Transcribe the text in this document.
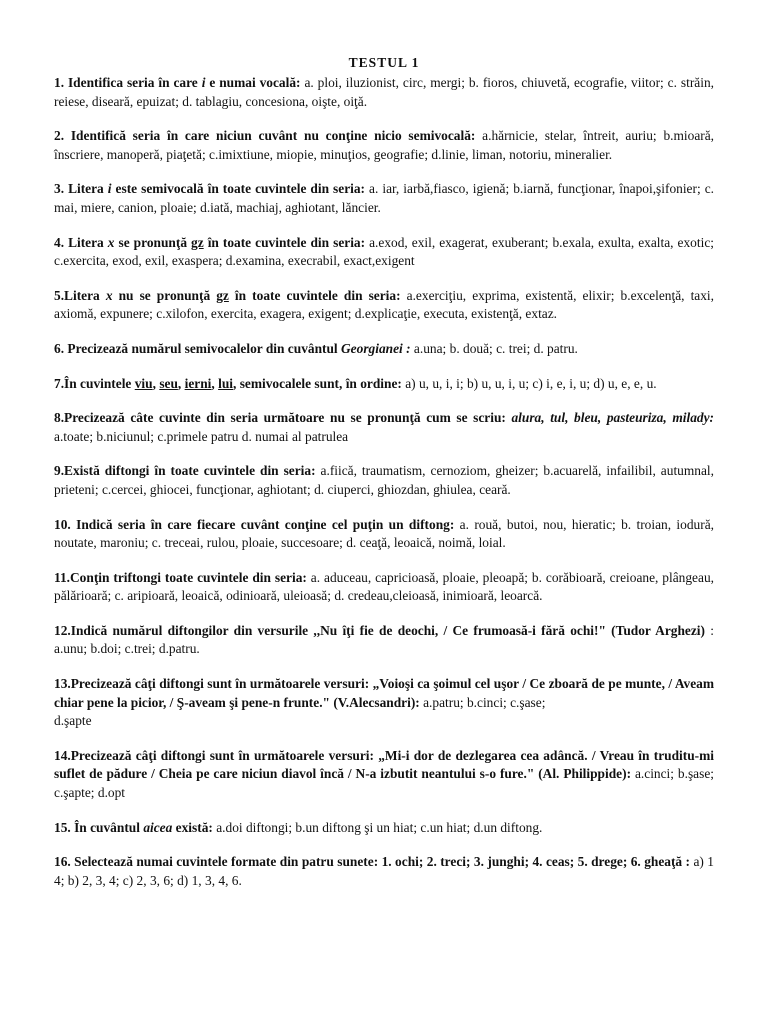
TESTUL 1

1. Identifica seria în care i e numai vocală: a. ploi, iluzionist, circ, mergi; b. fioros, chiuvetă, ecografie, viitor; c. străin, reiese, diseară, epuizat; d. tablagiu, concesiona, oişte, oiţă.

2. Identifică seria în care niciun cuvânt nu conţine nicio semivocală: a.hărnicie, stelar, întreit, auriu; b.mioară, înscriere, manoperă, piaţetă; c.imixtiune, miopie, minuţios, geografie; d.linie, liman, notoriu, mineralier.

3. Litera i este semivocală în toate cuvintele din seria: a. iar, iarbă,fiasco, igienă; b.iarnă, funcţionar, înapoi,şifonier; c. mai, miere, canion, ploaie; d.iată, machiaj, aghiotant, lăncier.

4. Litera x se pronunţă gz în toate cuvintele din seria: a.exod, exil, exagerat, exuberant; b.exala, exulta, exalta, exotic; c.exercita, exod, exil, exaspera; d.examina, execrabil, exact,exigent

5.Litera x nu se pronunţă gz în toate cuvintele din seria: a.exerciţiu, exprima, existentă, elixir; b.excelenţă, taxi, axiomă, expunere; c.xilofon, exercita, exagera, exigent; d.explicaţie, executa, existenţă, extaz.

6. Precizează numărul semivocalelor din cuvântul Georgianei : a.una; b. două; c. trei; d. patru.

7.În cuvintele viu, seu, ierni, lui, semivocalele sunt, în ordine: a) u, u, i, i; b) u, u, i, u; c) i, e, i, u; d) u, e, e, u.

8.Precizează câte cuvinte din seria următoare nu se pronunţă cum se scriu: alura, tul, bleu, pasteuriza, milady: a.toate; b.niciunul; c.primele patru d. numai al patrulea

9.Există diftongi în toate cuvintele din seria: a.fiică, traumatism, cernoziom, gheizer; b.acuarelă, infailibil, autumnal, prieteni; c.cercei, ghiocei, funcţionar, aghiotant; d. ciuperci, ghiozdan, ghiulea, ceară.

10. Indică seria în care fiecare cuvânt conţine cel puţin un diftong: a. rouă, butoi, nou, hieratic; b. troian, iodură, noutate, maroniu; c. treceai, rulou, ploaie, succesoare; d. ceaţă, leoaică, noimă, loial.

11.Conţin triftongi toate cuvintele din seria: a. aduceau, capricioasă, ploaie, pleoapă; b. corăbioară, creioane, plângeau, pălărioară; c. aripioară, leoaică, odinioară, uleioasă; d. credeau,cleioasă, inimioară, leoarcă.

12.Indică numărul diftongilor din versurile ,,Nu îţi fie de deochi, / Ce frumoasă-i fără ochi!" (Tudor Arghezi) : a.unu; b.doi; c.trei; d.patru.

13.Precizează câţi diftongi sunt în următoarele versuri: „Voioşi ca şoimul cel uşor / Ce zboară de pe munte, / Aveam chiar pene la picior, / Ş-aveam şi pene-n frunte." (V.Alecsandri): a.patru; b.cinci; c.şase;
d.şapte

14.Precizează câţi diftongi sunt în următoarele versuri: „Mi-i dor de dezlegarea cea adâncă. / Vreau în truditu-mi suflet de pădure / Cheia pe care niciun diavol încă / N-a izbutit neantului s-o fure." (Al. Philippide): a.cinci; b.şase; c.şapte; d.opt

15. În cuvântul aicea există: a.doi diftongi; b.un diftong şi un hiat; c.un hiat; d.un diftong.

16. Selectează numai cuvintele formate din patru sunete: 1. ochi; 2. treci; 3. junghi; 4. ceas; 5. drege; 6. gheaţă : a) 1 4; b) 2, 3, 4; c) 2, 3, 6; d) 1, 3, 4, 6.
